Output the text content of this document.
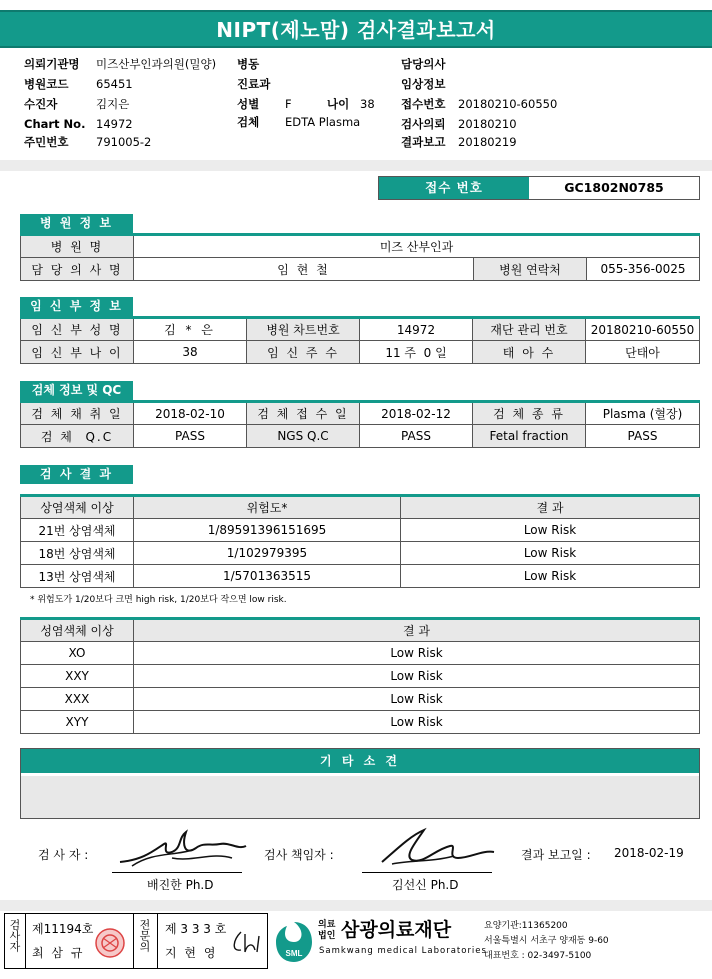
NIPT(제노맘) 검사결과보고서
의뢰기관명 미즈산부인과의원(밀양)
병원코드 65451
수진자	김지은
Chart No. 14972
주민번호 791005-2
병동
진료과
성별 F	나이 38
검체 EDTA Plasma
담당의사
임상정보
접수번호 20180210-60550
검사의뢰 20180210
결과보고 20180219
접수 번호	GC1802N0785
병 원 정 보
병 원 명	미즈 산부인과		
담 당 의 사 명	임 현 철	병원 연락처	055-356-0025
임 신 부 정 보
임 신 부 성 명	김 * 은	병원 차트번호	14972	재단 관리 번호	20180210-60550
임 신 부 나 이	38	임 신 주 수	11 주  0 일	태 아 수	단태아
검체 정보 및 QC
검 체 채 취 일	2018-02-10	검 체 접 수 일	2018-02-12	검 체 종 류	Plasma (혈장)
검 체  Q.C	PASS	NGS Q.C	PASS	Fetal fraction	PASS
검 사 결 과
상염색체 이상	위험도*	결 과
21번 상염색체	1/89591396151695	Low Risk
18번 상염색체	1/102979395	Low Risk
13번 상염색체	1/5701363515	Low Risk
* 위험도가 1/20보다 크면 high risk, 1/20보다 작으면 low risk.
성염색체 이상	결 과
XO	Low Risk
XXY	Low Risk
XXX	Low Risk
XYY	Low Risk
기 타 소 견
검 사 자 :
배진한 Ph.D
검사 책임자 :
김선신 Ph.D
결과 보고일 : 2018-02-19
검사자 제11194호
최 삼 규
전문의 제 3 3 3 호
지 현 영	SML
의료
법인 삼광의료재단
Samkwang medical Laboratories
요양기관:11365200
서울특별시 서초구 양재동 9-60
대표번호 : 02-3497-5100
